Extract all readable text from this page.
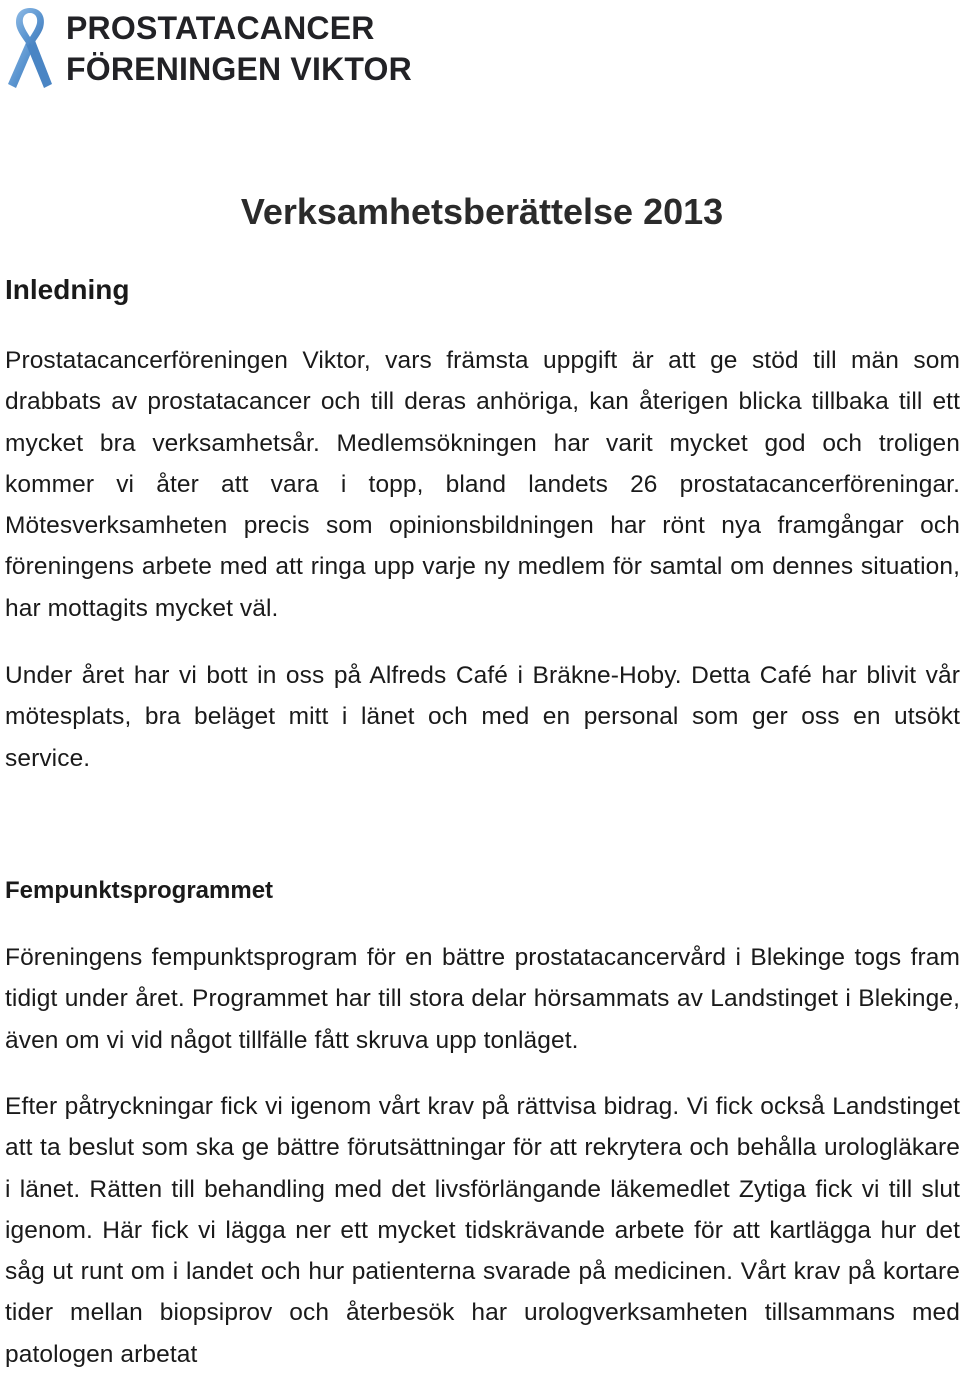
PROSTATACANCER
FÖRENINGEN VIKTOR
Verksamhetsberättelse 2013
Inledning

Prostatacancerföreningen Viktor, vars främsta uppgift är att ge stöd till män som drabbats av prostatacancer och till deras anhöriga, kan återigen blicka tillbaka till ett mycket bra verksamhetsår. Medlemsökningen har varit mycket god och troligen kommer vi åter att vara i topp, bland landets 26 prostatacancerföreningar. Mötesverksamheten precis som opinionsbildningen har rönt nya framgångar och föreningens arbete med att ringa upp varje ny medlem för samtal om dennes situation, har mottagits mycket väl.

Under året har vi bott in oss på Alfreds Café i Bräkne-Hoby. Detta Café har blivit vår mötesplats, bra beläget mitt i länet och med en personal som ger oss en utsökt service.

Fempunktsprogrammet

Föreningens fempunktsprogram för en bättre prostatacancervård i Blekinge togs fram tidigt under året. Programmet har till stora delar hörsammats av Landstinget i Blekinge, även om vi vid något tillfälle fått skruva upp tonläget.

Efter påtryckningar fick vi igenom vårt krav på rättvisa bidrag. Vi fick också Landstinget att ta beslut som ska ge bättre förutsättningar för att rekrytera och behålla urologläkare i länet. Rätten till behandling med det livsförlängande läkemedlet Zytiga fick vi till slut igenom. Här fick vi lägga ner ett mycket tidskrävande arbete för att kartlägga hur det såg ut runt om i landet och hur patienterna svarade på medicinen. Vårt krav på kortare tider mellan biopsiprov och återbesök har urologverksamheten tillsammans med patologen arbetat
